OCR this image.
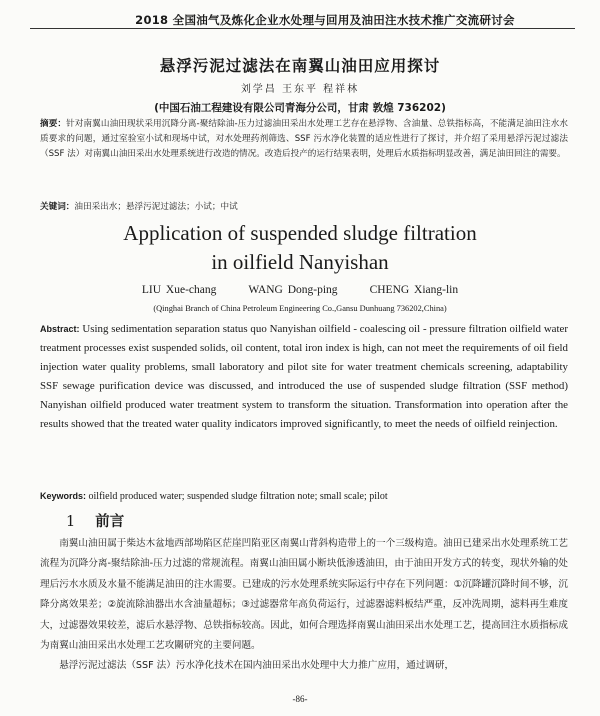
2018 全国油气及炼化企业水处理与回用及油田注水技术推广交流研讨会
悬浮污泥过滤法在南翼山油田应用探讨
刘学昌 王东平 程祥林
(中国石油工程建设有限公司青海分公司，甘肃 敦煌 736202)
摘要：针对南翼山油田现状采用沉降分离-聚结除油-压力过滤油田采出水处理工艺存在悬浮物、含油量、总铁指标高，不能满足油田注水水质要求的问题，通过室验室小试和现场中试，对水处理药剂筛选、SSF 污水净化装置的适应性进行了探讨，并介绍了采用悬浮污泥过滤法（SSF 法）对南翼山油田采出水处理系统进行改造的情况。改造后投产的运行结果表明，处理后水质指标明显改善，满足油田回注的需要。
关键词：油田采出水；悬浮污泥过滤法；小试；中试
Application of suspended sludge filtration
in oilfield Nanyishan
LIU Xue-chang	WANG Dong-ping	CHENG Xiang-lin
(Qinghai Branch of China Petroleum Engineering Co.,Gansu Dunhuang 736202,China)
Abstract: Using sedimentation separation status quo Nanyishan oilfield - coalescing oil - pressure filtration oilfield water treatment processes exist suspended solids, oil content, total iron index is high, can not meet the requirements of oil field injection water quality problems, small laboratory and pilot site for water treatment chemicals screening, adaptability SSF sewage purification device was discussed, and introduced the use of suspended sludge filtration (SSF method) Nanyishan oilfield produced water treatment system to transform the situation. Transformation into operation after the results showed that the treated water quality indicators improved significantly, to meet the needs of oilfield reinjection.
Keywords: oilfield produced water; suspended sludge filtration note; small scale; pilot
1 前言

南翼山油田属于柴达木盆地西部坳陷区茫崖凹陷亚区南翼山背斜构造带上的一个三级构造。油田已建采出水处理系统工艺流程为沉降分离-聚结除油-压力过滤的常规流程。南翼山油田属小断块低渗透油田，由于油田开发方式的转变，现状外输的处理后污水水质及水量不能满足油田的注水需要。已建成的污水处理系统实际运行中存在下列问题：①沉降罐沉降时间不够，沉降分离效果差；②旋流除油器出水含油量超标；③过滤器常年高负荷运行，过滤器滤料板结严重，反冲洗周期，滤料再生难度大，过滤器效果较差，滤后水悬浮物、总铁指标较高。因此，如何合理选择南翼山油田采出水处理工艺，提高回注水质指标成为南翼山油田采出水处理工艺攻關研究的主要问题。

悬浮污泥过滤法（SSF 法）污水净化技术在国内油田采出水处理中大力推广应用，通过调研，

-86-
